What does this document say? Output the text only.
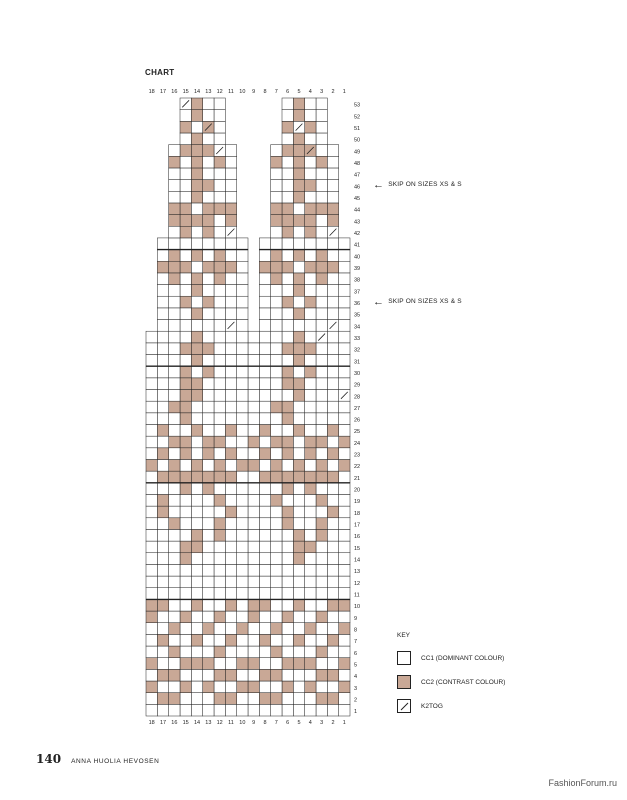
CHART
18 17 16 15 14 13 12 11 10 9 8 7 6 5 4 3 2 1
18 17 16 15 14 13 12 11 10 9 8 7 6 5 4 3 2 1
53
52
51
50
49
48
47
46
45
44
43
42
41
40
39
38
37
36
35
34
33
32
31
30
29
28
27
26
25
24
23
22
21
20
19
18
17
16
15
14
13
12
11
10
9
8
7
6
5
4
3
2
1
← SKIP ON SIZES XS & S
← SKIP ON SIZES XS & S
KEY
CC1 (DOMINANT COLOUR)
CC2 (CONTRAST COLOUR)
K2TOG
140 ANNA HUOLIA HEVOSEN
FashionForum.ru
